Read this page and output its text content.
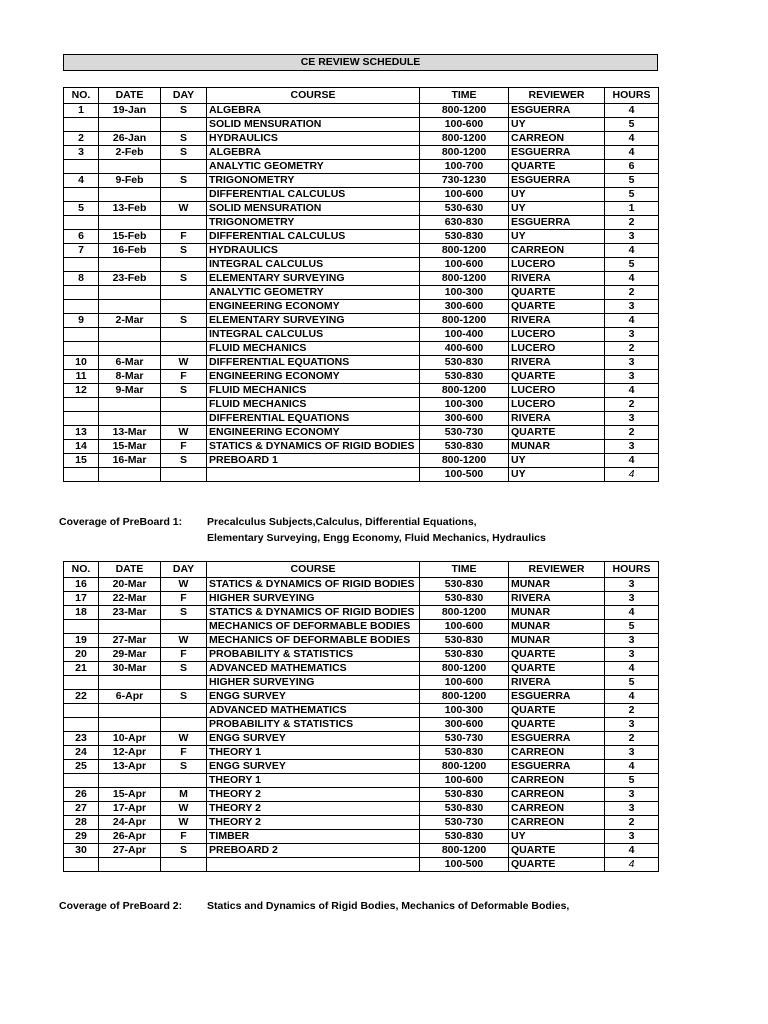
CE REVIEW SCHEDULE
NO.	DATE	DAY	COURSE	TIME	REVIEWER	HOURS
1	19-Jan	S	ALGEBRA	800-1200	ESGUERRA	4
			SOLID MENSURATION	100-600	UY	5
2	26-Jan	S	HYDRAULICS	800-1200	CARREON	4
3	2-Feb	S	ALGEBRA	800-1200	ESGUERRA	4
			ANALYTIC GEOMETRY	100-700	QUARTE	6
4	9-Feb	S	TRIGONOMETRY	730-1230	ESGUERRA	5
			DIFFERENTIAL CALCULUS	100-600	UY	5
5	13-Feb	W	SOLID MENSURATION	530-630	UY	1
			TRIGONOMETRY	630-830	ESGUERRA	2
6	15-Feb	F	DIFFERENTIAL CALCULUS	530-830	UY	3
7	16-Feb	S	HYDRAULICS	800-1200	CARREON	4
			INTEGRAL CALCULUS	100-600	LUCERO	5
8	23-Feb	S	ELEMENTARY SURVEYING	800-1200	RIVERA	4
			ANALYTIC GEOMETRY	100-300	QUARTE	2
			ENGINEERING ECONOMY	300-600	QUARTE	3
9	2-Mar	S	ELEMENTARY SURVEYING	800-1200	RIVERA	4
			INTEGRAL CALCULUS	100-400	LUCERO	3
			FLUID MECHANICS	400-600	LUCERO	2
10	6-Mar	W	DIFFERENTIAL EQUATIONS	530-830	RIVERA	3
11	8-Mar	F	ENGINEERING ECONOMY	530-830	QUARTE	3
12	9-Mar	S	FLUID MECHANICS	800-1200	LUCERO	4
			FLUID MECHANICS	100-300	LUCERO	2
			DIFFERENTIAL EQUATIONS	300-600	RIVERA	3
13	13-Mar	W	ENGINEERING ECONOMY	530-730	QUARTE	2
14	15-Mar	F	STATICS & DYNAMICS OF RIGID BODIES	530-830	MUNAR	3
15	16-Mar	S	PREBOARD 1	800-1200	UY	4
				100-500	UY	4
Coverage of PreBoard 1: Precalculus Subjects,Calculus, Differential Equations,
Elementary Surveying, Engg Economy, Fluid Mechanics, Hydraulics
NO.	DATE	DAY	COURSE	TIME	REVIEWER	HOURS
16	20-Mar	W	STATICS & DYNAMICS OF RIGID BODIES	530-830	MUNAR	3
17	22-Mar	F	HIGHER SURVEYING	530-830	RIVERA	3
18	23-Mar	S	STATICS & DYNAMICS OF RIGID BODIES	800-1200	MUNAR	4
			MECHANICS OF DEFORMABLE BODIES	100-600	MUNAR	5
19	27-Mar	W	MECHANICS OF DEFORMABLE BODIES	530-830	MUNAR	3
20	29-Mar	F	PROBABILITY & STATISTICS	530-830	QUARTE	3
21	30-Mar	S	ADVANCED MATHEMATICS	800-1200	QUARTE	4
			HIGHER SURVEYING	100-600	RIVERA	5
22	6-Apr	S	ENGG SURVEY	800-1200	ESGUERRA	4
			ADVANCED MATHEMATICS	100-300	QUARTE	2
			PROBABILITY & STATISTICS	300-600	QUARTE	3
23	10-Apr	W	ENGG SURVEY	530-730	ESGUERRA	2
24	12-Apr	F	THEORY 1	530-830	CARREON	3
25	13-Apr	S	ENGG SURVEY	800-1200	ESGUERRA	4
			THEORY 1	100-600	CARREON	5
26	15-Apr	M	THEORY 2	530-830	CARREON	3
27	17-Apr	W	THEORY 2	530-830	CARREON	3
28	24-Apr	W	THEORY 2	530-730	CARREON	2
29	26-Apr	F	TIMBER	530-830	UY	3
30	27-Apr	S	PREBOARD 2	800-1200	QUARTE	4
				100-500	QUARTE	4
Coverage of PreBoard 2: Statics and Dynamics of Rigid Bodies, Mechanics of Deformable Bodies,
